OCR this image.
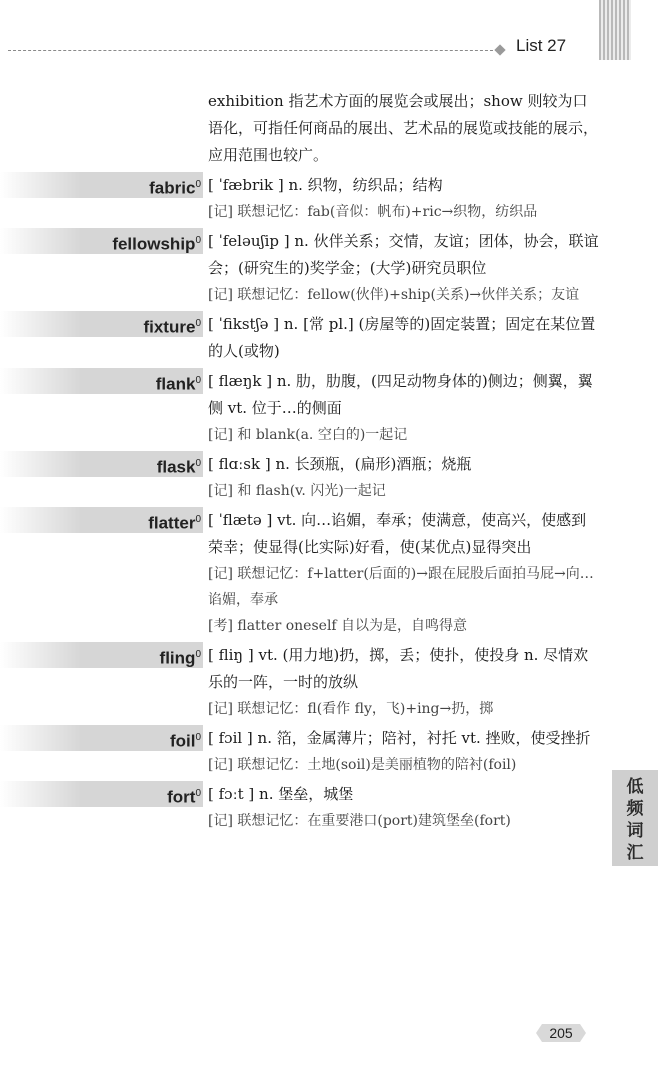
List 27
exhibition 指艺术方面的展览会或展出；show 则较为口语化，可指任何商品的展出、艺术品的展览或技能的展示，应用范围也较广。
fabric$^0$ [ ˈfæbrik ] n. 织物，纺织品；结构
[记] 联想记忆：fab(音似：帆布)+ric→织物，纺织品
fellowship$^0$ [ ˈfeləuʃip ] n. 伙伴关系；交情，友谊；团体，协会，联谊会；(研究生的)奖学金；(大学)研究员职位
[记] 联想记忆：fellow(伙伴)+ship(关系)→伙伴关系；友谊
fixture$^0$ [ ˈfikstʃə ] n. [常 pl.] (房屋等的)固定装置；固定在某位置的人(或物)
flank$^0$ [ flæŋk ] n. 肋，肋腹，(四足动物身体的)侧边；侧翼，翼侧 vt. 位于…的侧面
[记] 和 blank(a. 空白的)一起记
flask$^0$ [ flɑːsk ] n. 长颈瓶，(扁形)酒瓶；烧瓶
[记] 和 flash(v. 闪光)一起记
flatter$^0$ [ ˈflætə ] vt. 向…谄媚，奉承；使满意，使高兴，使感到荣幸；使显得(比实际)好看，使(某优点)显得突出
[记] 联想记忆：f+latter(后面的)→跟在屁股后面拍马屁→向…谄媚，奉承
[考] flatter oneself 自以为是，自鸣得意
fling$^0$ [ fliŋ ] vt. (用力地)扔，掷，丢；使扑，使投身 n. 尽情欢乐的一阵，一时的放纵
[记] 联想记忆：fl(看作 fly，飞)+ing→扔，掷
foil$^0$ [ fɔil ] n. 箔，金属薄片；陪衬，衬托 vt. 挫败，使受挫折
[记] 联想记忆：土地(soil)是美丽植物的陪衬(foil)
fort$^0$ [ fɔːt ] n. 堡垒，城堡
[记] 联想记忆：在重要港口(port)建筑堡垒(fort)
低
频
词
汇
205
